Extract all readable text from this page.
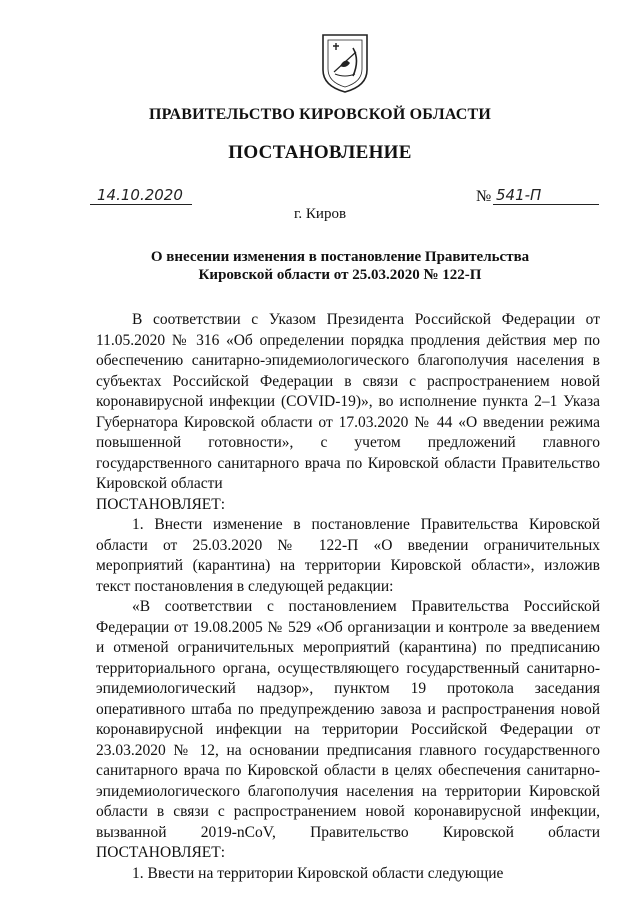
ПРАВИТЕЛЬСТВО КИРОВСКОЙ ОБЛАСТИ
ПОСТАНОВЛЕНИЕ
14.10.2020	№ 541-П
г. Киров
О внесении изменения в постановление Правительства
Кировской области от 25.03.2020 № 122-П

В соответствии с Указом Президента Российской Федерации от 11.05.2020 № 316 «Об определении порядка продления действия мер по обеспечению санитарно-эпидемиологического благополучия населения в субъектах Российской Федерации в связи с распространением новой коронавирусной инфекции (COVID-19)», во исполнение пункта 2–1 Указа Губернатора Кировской области от 17.03.2020 № 44 «О введении режима повышенной готовности», с учетом предложений главного государственного санитарного врача по Кировской области Правительство Кировской области

ПОСТАНОВЛЯЕТ:

1. Внести изменение в постановление Правительства Кировской области от 25.03.2020 № 122-П «О введении ограничительных мероприятий (карантина) на территории Кировской области», изложив текст постановления в следующей редакции:

«В соответствии с постановлением Правительства Российской Федерации от 19.08.2005 № 529 «Об организации и контроле за введением и отменой ограничительных мероприятий (карантина) по предписанию территориального органа, осуществляющего государственный санитарно-эпидемиологический надзор», пунктом 19 протокола заседания оперативного штаба по предупреждению завоза и распространения новой коронавирусной инфекции на территории Российской Федерации от 23.03.2020 № 12, на основании предписания главного государственного санитарного врача по Кировской области в целях обеспечения санитарно-эпидемиологического благополучия населения на территории Кировской области в связи с распространением новой коронавирусной инфекции, вызванной 2019-nCoV, Правительство Кировской области ПОСТАНОВЛЯЕТ:

1. Ввести на территории Кировской области следующие
